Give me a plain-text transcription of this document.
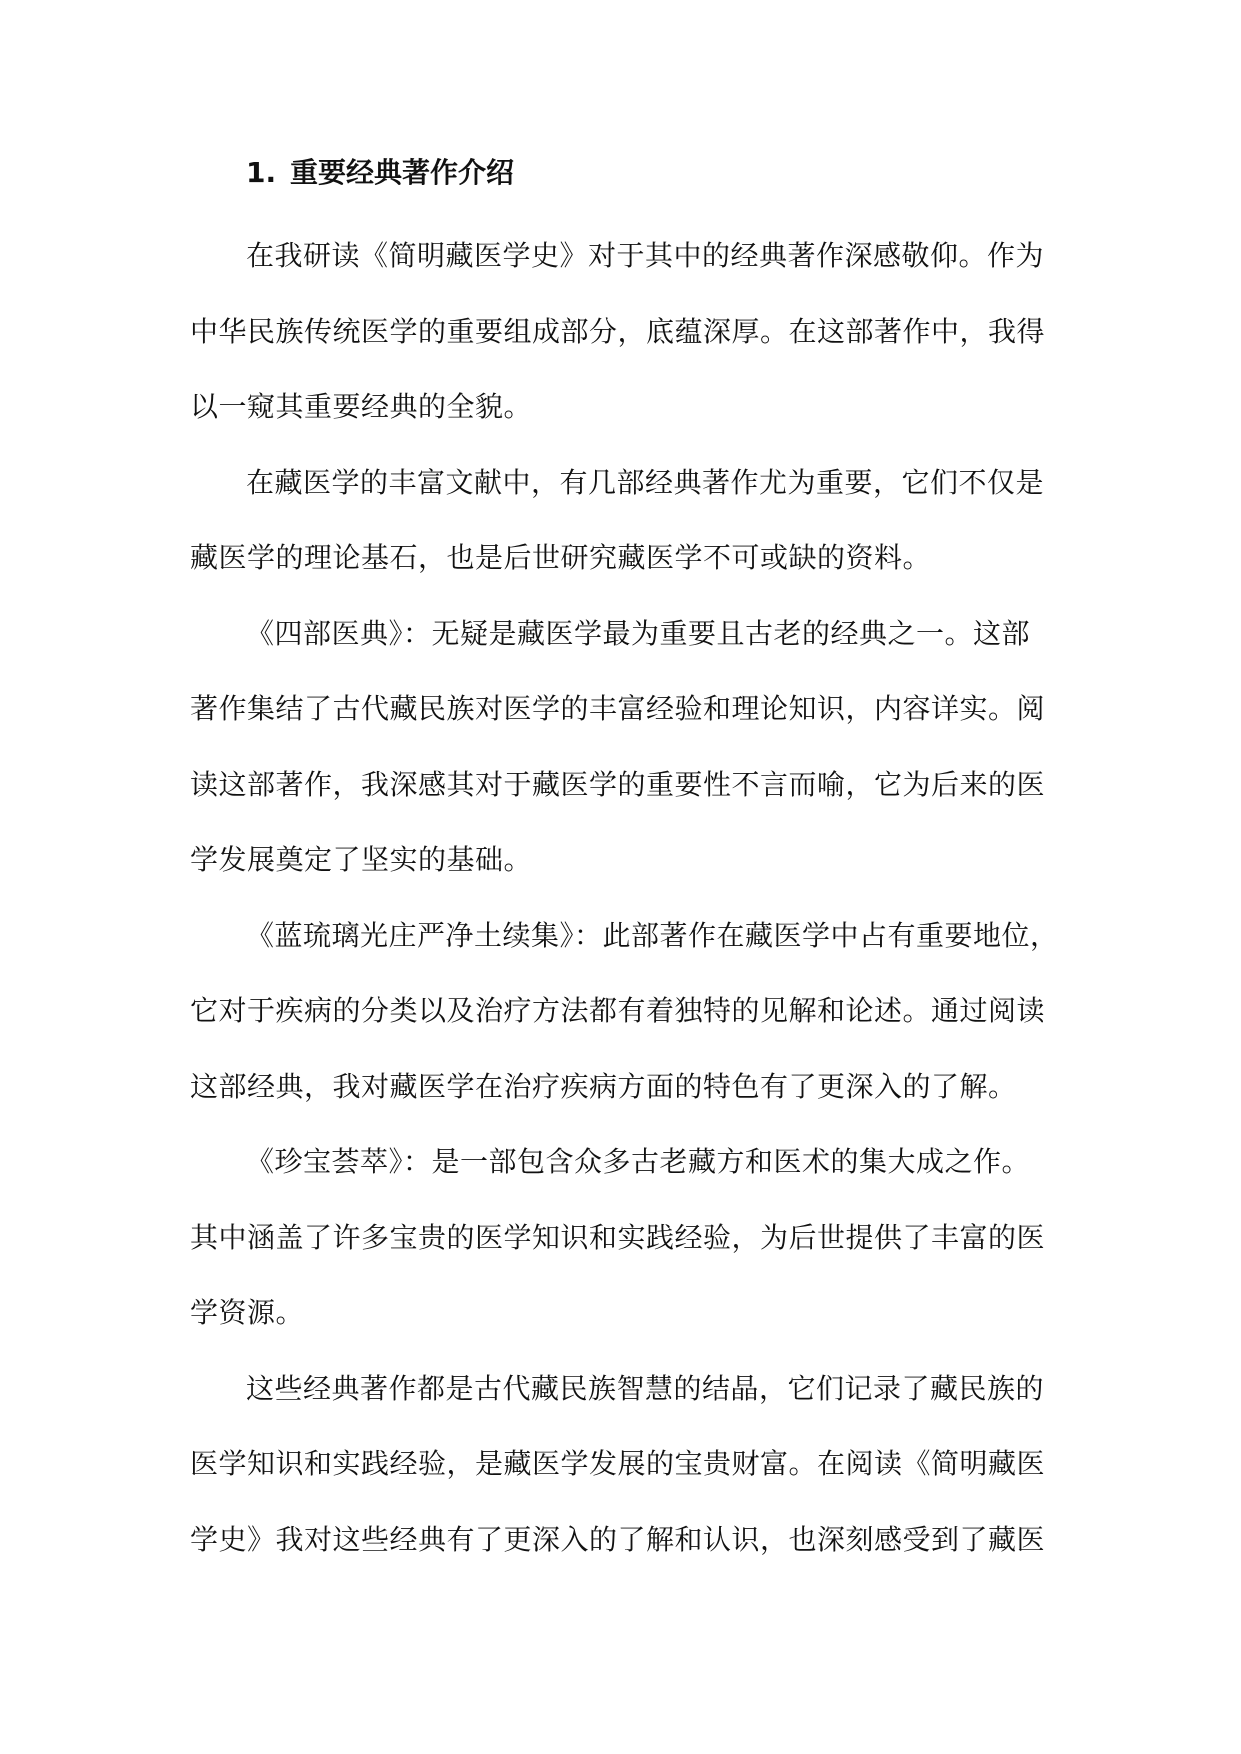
1. 重要经典著作介绍
在我研读《简明藏医学史》对于其中的经典著作深感敬仰。作为
中华民族传统医学的重要组成部分，底蕴深厚。在这部著作中，我得
以一窥其重要经典的全貌。
在藏医学的丰富文献中，有几部经典著作尤为重要，它们不仅是
藏医学的理论基石，也是后世研究藏医学不可或缺的资料。
《四部医典》：无疑是藏医学最为重要且古老的经典之一。这部
著作集结了古代藏民族对医学的丰富经验和理论知识，内容详实。阅
读这部著作，我深感其对于藏医学的重要性不言而喻，它为后来的医
学发展奠定了坚实的基础。
《蓝琉璃光庄严净土续集》：此部著作在藏医学中占有重要地位，
它对于疾病的分类以及治疗方法都有着独特的见解和论述。通过阅读
这部经典，我对藏医学在治疗疾病方面的特色有了更深入的了解。
《珍宝荟萃》：是一部包含众多古老藏方和医术的集大成之作。
其中涵盖了许多宝贵的医学知识和实践经验，为后世提供了丰富的医
学资源。
这些经典著作都是古代藏民族智慧的结晶，它们记录了藏民族的
医学知识和实践经验，是藏医学发展的宝贵财富。在阅读《简明藏医
学史》我对这些经典有了更深入的了解和认识，也深刻感受到了藏医
